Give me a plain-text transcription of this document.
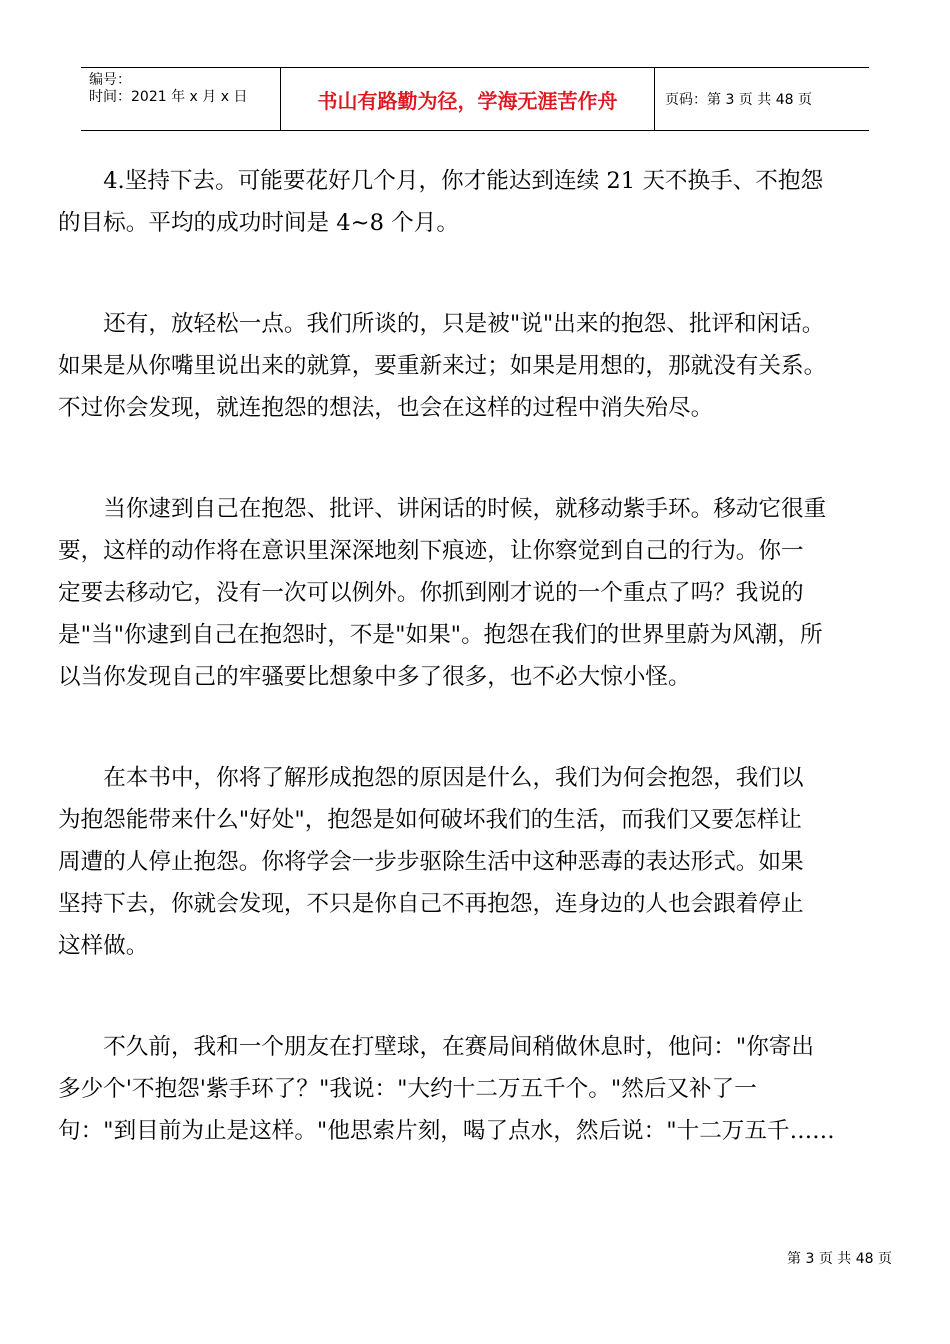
编号：
时间：2021 年 x 月 x 日	书山有路勤为径，学海无涯苦作舟	页码：第 3 页 共 48 页

4.坚持下去。可能要花好几个月，你才能达到连续 21 天不换手、不抱怨
的目标。平均的成功时间是 4~8 个月。

还有，放轻松一点。我们所谈的，只是被"说"出来的抱怨、批评和闲话。
如果是从你嘴里说出来的就算，要重新来过；如果是用想的，那就没有关系。
不过你会发现，就连抱怨的想法，也会在这样的过程中消失殆尽。

当你逮到自己在抱怨、批评、讲闲话的时候，就移动紫手环。移动它很重
要，这样的动作将在意识里深深地刻下痕迹，让你察觉到自己的行为。你一
定要去移动它，没有一次可以例外。你抓到刚才说的一个重点了吗？我说的
是"当"你逮到自己在抱怨时，不是"如果"。抱怨在我们的世界里蔚为风潮，所
以当你发现自己的牢骚要比想象中多了很多，也不必大惊小怪。

在本书中，你将了解形成抱怨的原因是什么，我们为何会抱怨，我们以
为抱怨能带来什么"好处"，抱怨是如何破坏我们的生活，而我们又要怎样让
周遭的人停止抱怨。你将学会一步步驱除生活中这种恶毒的表达形式。如果
坚持下去，你就会发现，不只是你自己不再抱怨，连身边的人也会跟着停止
这样做。

不久前，我和一个朋友在打壁球，在赛局间稍做休息时，他问："你寄出
多少个'不抱怨'紫手环了？"我说："大约十二万五千个。"然后又补了一
句："到目前为止是这样。"他思索片刻，喝了点水，然后说："十二万五千……

第 3 页 共 48 页
